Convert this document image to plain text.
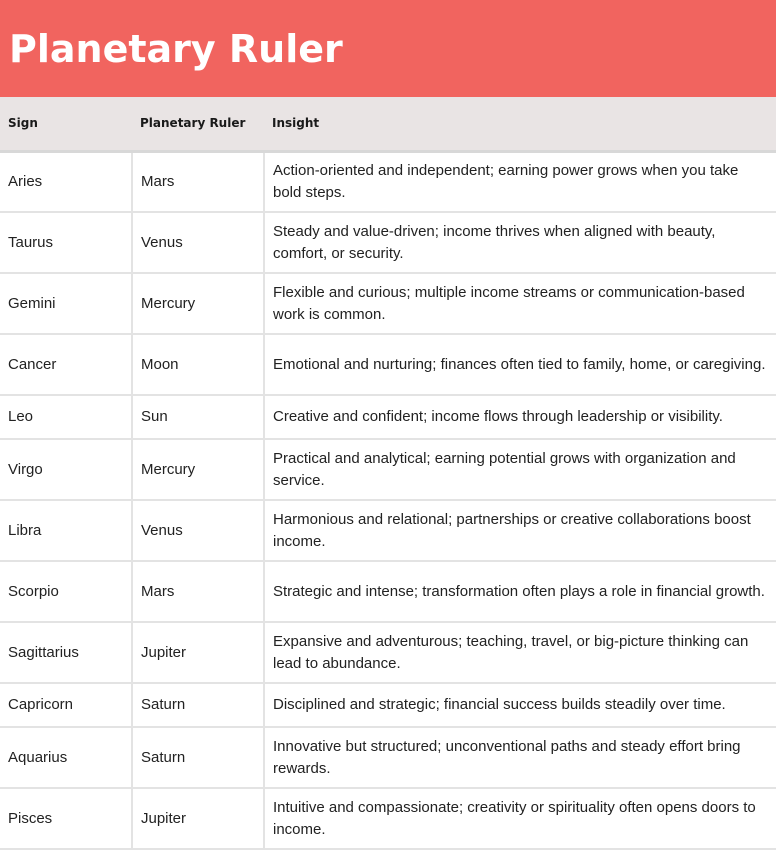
Planetary Ruler
Sign	Planetary Ruler	Insight
Aries	Mars	Action-oriented and independent; earning power grows when you take bold steps.
Taurus	Venus	Steady and value-driven; income thrives when aligned with beauty, comfort, or security.
Gemini	Mercury	Flexible and curious; multiple income streams or communication-based work is common.
Cancer	Moon	Emotional and nurturing; finances often tied to family, home, or caregiving.
Leo	Sun	Creative and confident; income flows through leadership or visibility.
Virgo	Mercury	Practical and analytical; earning potential grows with organization and service.
Libra	Venus	Harmonious and relational; partnerships or creative collaborations boost income.
Scorpio	Mars	Strategic and intense; transformation often plays a role in financial growth.
Sagittarius	Jupiter	Expansive and adventurous; teaching, travel, or big-picture thinking can lead to abundance.
Capricorn	Saturn	Disciplined and strategic; financial success builds steadily over time.
Aquarius	Saturn	Innovative but structured; unconventional paths and steady effort bring rewards.
Pisces	Jupiter	Intuitive and compassionate; creativity or spirituality often opens doors to income.
